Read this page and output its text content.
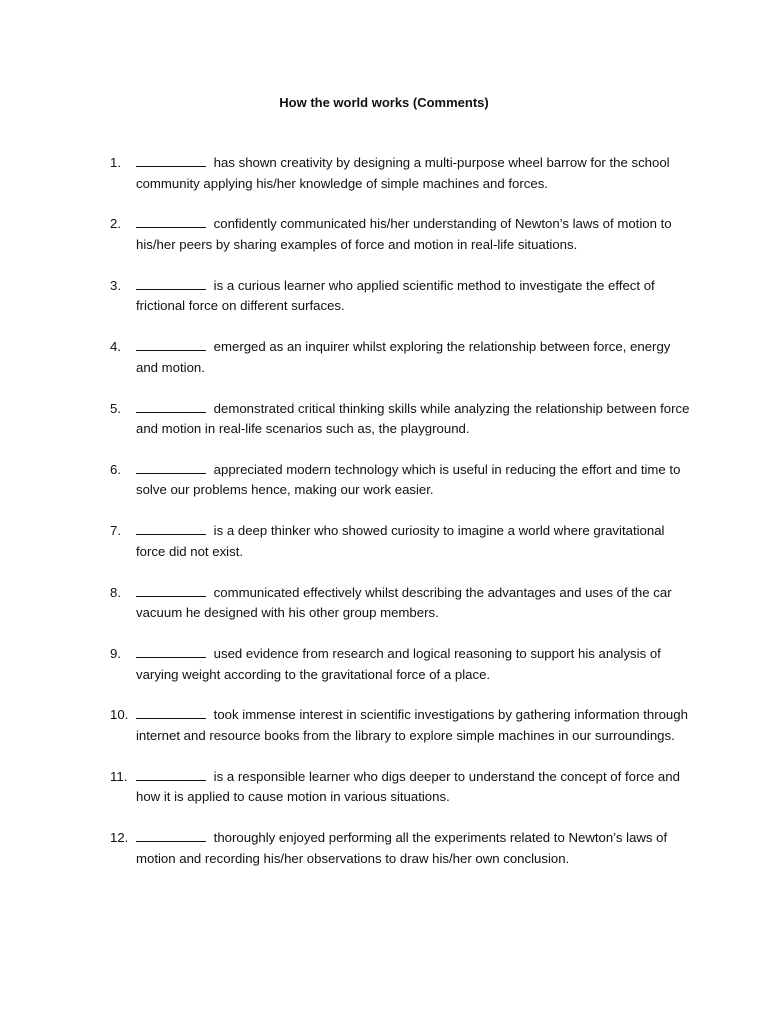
How the world works (Comments)
1.	has shown creativity by designing a multi-purpose wheel barrow for the school community applying his/her knowledge of simple machines and forces.
2.	confidently communicated his/her understanding of Newton’s laws of motion to his/her peers by sharing examples of force and motion in real-life situations.
3.	is a curious learner who applied scientific method to investigate the effect of frictional force on different surfaces.
4.	emerged as an inquirer whilst exploring the relationship between force, energy and motion.
5.	demonstrated critical thinking skills while analyzing the relationship between force and motion in real-life scenarios such as, the playground.
6.	appreciated modern technology which is useful in reducing the effort and time to solve our problems hence, making our work easier.
7.	is a deep thinker who showed curiosity to imagine a world where gravitational force did not exist.
8.	communicated effectively whilst describing the advantages and uses of the car vacuum he designed with his other group members.
9.	used evidence from research and logical reasoning to support his analysis of varying weight according to the gravitational force of a place.
10.	took immense interest in scientific investigations by gathering information through internet and resource books from the library to explore simple machines in our surroundings.
11.	is a responsible learner who digs deeper to understand the concept of force and how it is applied to cause motion in various situations.
12.	thoroughly enjoyed performing all the experiments related to Newton’s laws of motion and recording his/her observations to draw his/her own conclusion.
